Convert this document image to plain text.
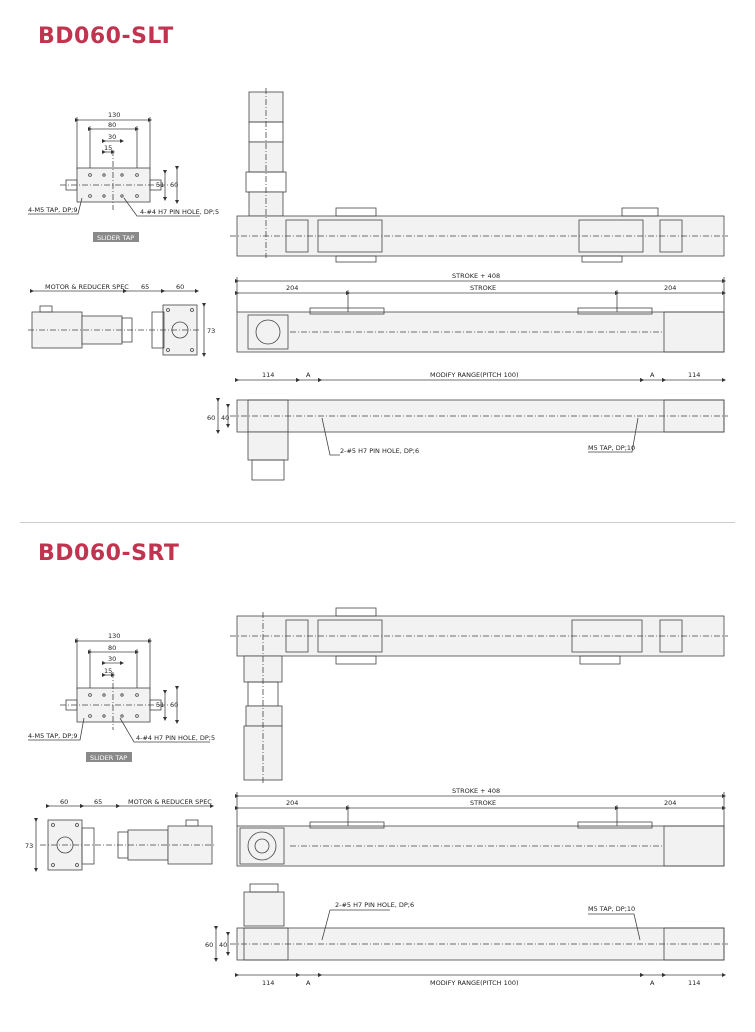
BD060-SLT
BD060-SRT
130
80
30
15
51 60
4-M5 TAP, DP;9	4-#4 H7 PIN HOLE, DP;5
SLIDER TAP
MOTOR & REDUCER SPEC 65	60
73
STROKE + 408
204	STROKE	204
114	A	MODIFY RANGE(PITCH 100)	A	114
60 40
2-#5 H7 PIN HOLE, DP;6	M5 TAP, DP;10
130
80
30
15
51 60
4-M5 TAP, DP;9	4-#4 H7 PIN HOLE, DP;5
SLIDER TAP
MOTOR & REDUCER SPEC
65
60
73
STROKE + 408
204	STROKE	204
2-#5 H7 PIN HOLE, DP;6	M5 TAP, DP;10
60 40
114	A	MODIFY RANGE(PITCH 100)	A	114
